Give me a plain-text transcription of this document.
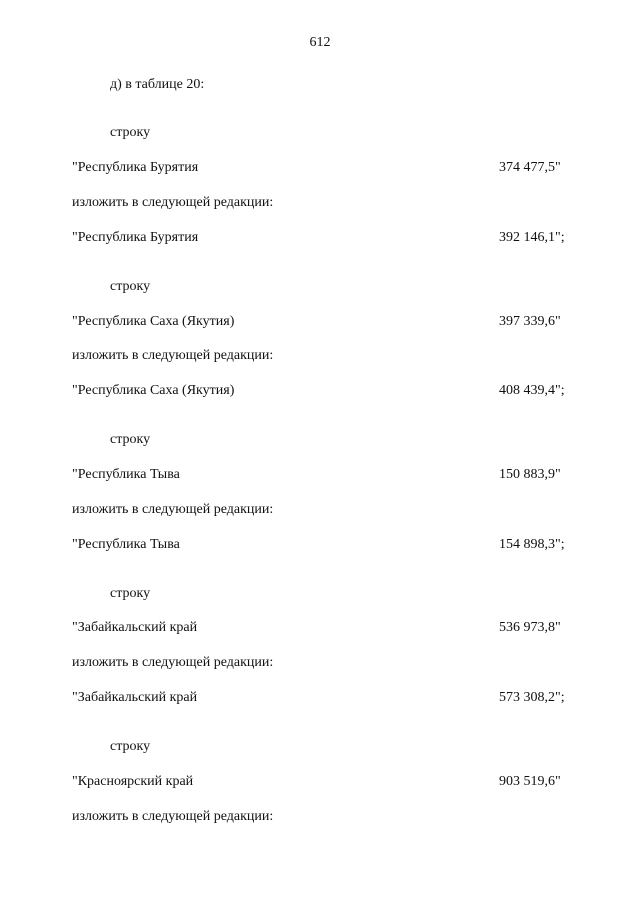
612
д) в таблице 20:
строку
"Республика Бурятия	374 477,5"
изложить в следующей редакции:
"Республика Бурятия	392 146,1";
строку
"Республика Саха (Якутия)	397 339,6"
изложить в следующей редакции:
"Республика Саха (Якутия)	408 439,4";
строку
"Республика Тыва	150 883,9"
изложить в следующей редакции:
"Республика Тыва	154 898,3";
строку
"Забайкальский край	536 973,8"
изложить в следующей редакции:
"Забайкальский край	573 308,2";
строку
"Красноярский край	903 519,6"
изложить в следующей редакции:
